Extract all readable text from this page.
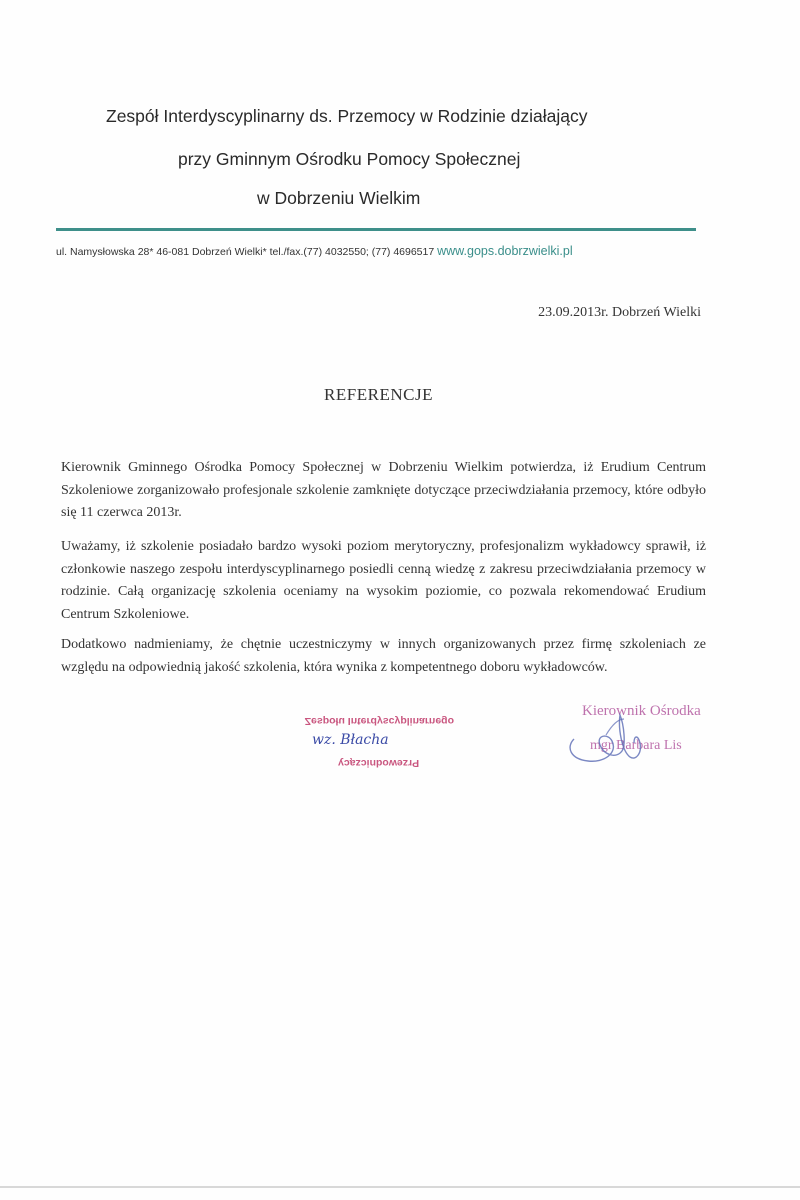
Zespół Interdyscyplinarny ds. Przemocy w Rodzinie działający
przy Gminnym Ośrodku Pomocy Społecznej
w Dobrzeniu Wielkim
ul. Namysłowska 28* 46-081 Dobrzeń Wielki* tel./fax.(77) 4032550; (77) 4696517 www.gops.dobrzwielki.pl
23.09.2013r. Dobrzeń Wielki
REFERENCJE

Kierownik Gminnego Ośrodka Pomocy Społecznej w Dobrzeniu Wielkim potwierdza, iż Erudium Centrum Szkoleniowe zorganizowało profesjonale szkolenie zamknięte dotyczące przeciwdziałania przemocy, które odbyło się 11 czerwca 2013r.

Uważamy, iż szkolenie posiadało bardzo wysoki poziom merytoryczny, profesjonalizm wykładowcy sprawił, iż członkowie naszego zespołu interdyscyplinarnego posiedli cenną wiedzę z zakresu przeciwdziałania przemocy w rodzinie. Całą organizację szkolenia oceniamy na wysokim poziomie, co pozwala rekomendować Erudium Centrum Szkoleniowe.

Dodatkowo nadmieniamy, że chętnie uczestniczymy w innych organizowanych przez firmę szkoleniach ze względu na odpowiednią jakość szkolenia, która wynika z kompetentnego doboru wykładowców.

Zespołu Interdyscyplinarnego
wz. Błacha
Przewodniczący
Kierownik Ośrodka
mgr Barbara Lis
